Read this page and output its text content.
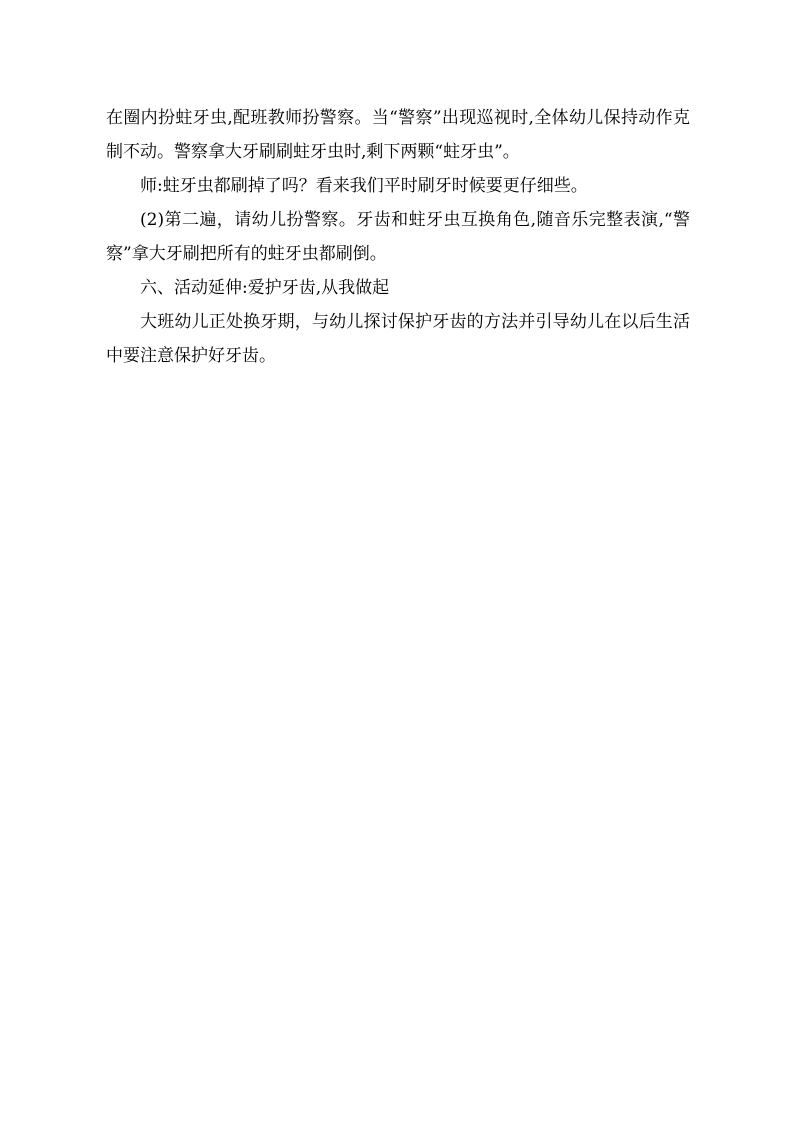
在圈内扮蛀牙虫,配班教师扮警察。当“警察”出现巡视时,全体幼儿保持动作克制不动。警察拿大牙刷刷蛀牙虫时,剩下两颗“蛀牙虫”。

师:蛀牙虫都刷掉了吗？看来我们平时刷牙时候要更仔细些。

(2)第二遍，请幼儿扮警察。牙齿和蛀牙虫互换角色,随音乐完整表演,“警察”拿大牙刷把所有的蛀牙虫都刷倒。

六、活动延伸:爱护牙齿,从我做起

大班幼儿正处换牙期，与幼儿探讨保护牙齿的方法并引导幼儿在以后生活中要注意保护好牙齿。
